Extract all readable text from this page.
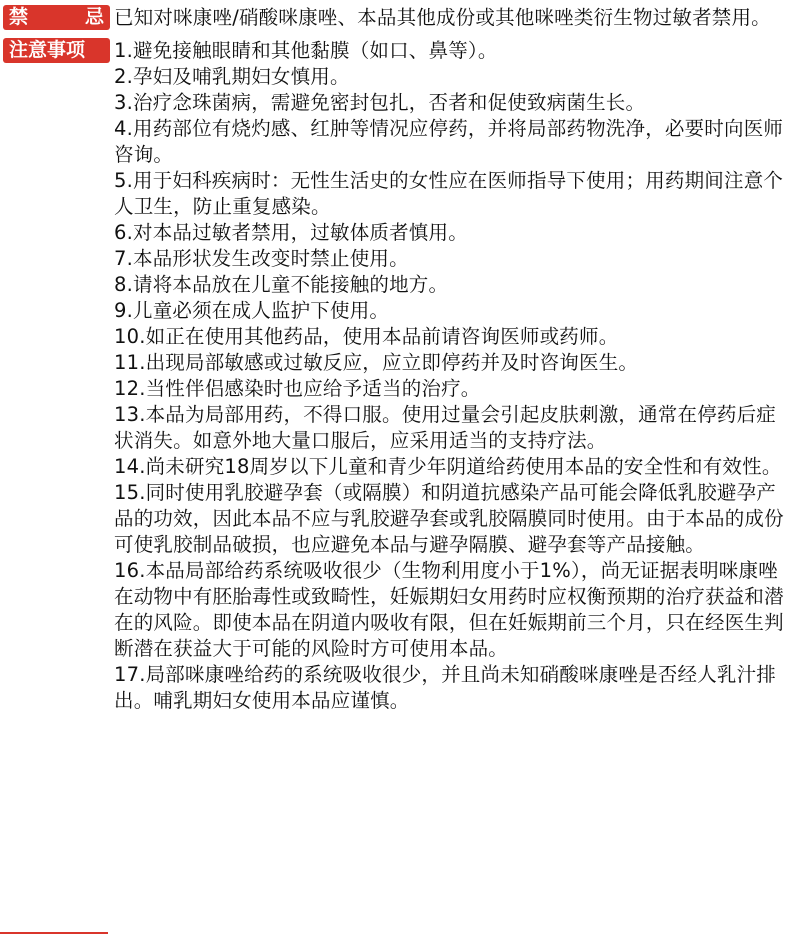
禁	忌 已知对咪康唑/硝酸咪康唑、本品其他成份或其他咪唑类衍生物过敏者禁用。
注意事项	1.避免接触眼睛和其他黏膜（如口、鼻等）。

2.孕妇及哺乳期妇女慎用。

3.治疗念珠菌病，需避免密封包扎，否者和促使致病菌生长。

4.用药部位有烧灼感、红肿等情况应停药，并将局部药物洗净，必要时向医师咨询。

5.用于妇科疾病时：无性生活史的女性应在医师指导下使用；用药期间注意个人卫生，防止重复感染。

6.对本品过敏者禁用，过敏体质者慎用。

7.本品形状发生改变时禁止使用。

8.请将本品放在儿童不能接触的地方。

9.儿童必须在成人监护下使用。

10.如正在使用其他药品，使用本品前请咨询医师或药师。

11.出现局部敏感或过敏反应，应立即停药并及时咨询医生。

12.当性伴侣感染时也应给予适当的治疗。

13.本品为局部用药，不得口服。使用过量会引起皮肤刺激，通常在停药后症状消失。如意外地大量口服后，应采用适当的支持疗法。

14.尚未研究18周岁以下儿童和青少年阴道给药使用本品的安全性和有效性。

15.同时使用乳胶避孕套（或隔膜）和阴道抗感染产品可能会降低乳胶避孕产品的功效，因此本品不应与乳胶避孕套或乳胶隔膜同时使用。由于本品的成份可使乳胶制品破损，也应避免本品与避孕隔膜、避孕套等产品接触。

16.本品局部给药系统吸收很少（生物利用度小于1%），尚无证据表明咪康唑在动物中有胚胎毒性或致畸性，妊娠期妇女用药时应权衡预期的治疗获益和潜在的风险。即使本品在阴道内吸收有限，但在妊娠期前三个月，只在经医生判断潜在获益大于可能的风险时方可使用本品。

17.局部咪康唑给药的系统吸收很少，并且尚未知硝酸咪康唑是否经人乳汁排出。哺乳期妇女使用本品应谨慎。
